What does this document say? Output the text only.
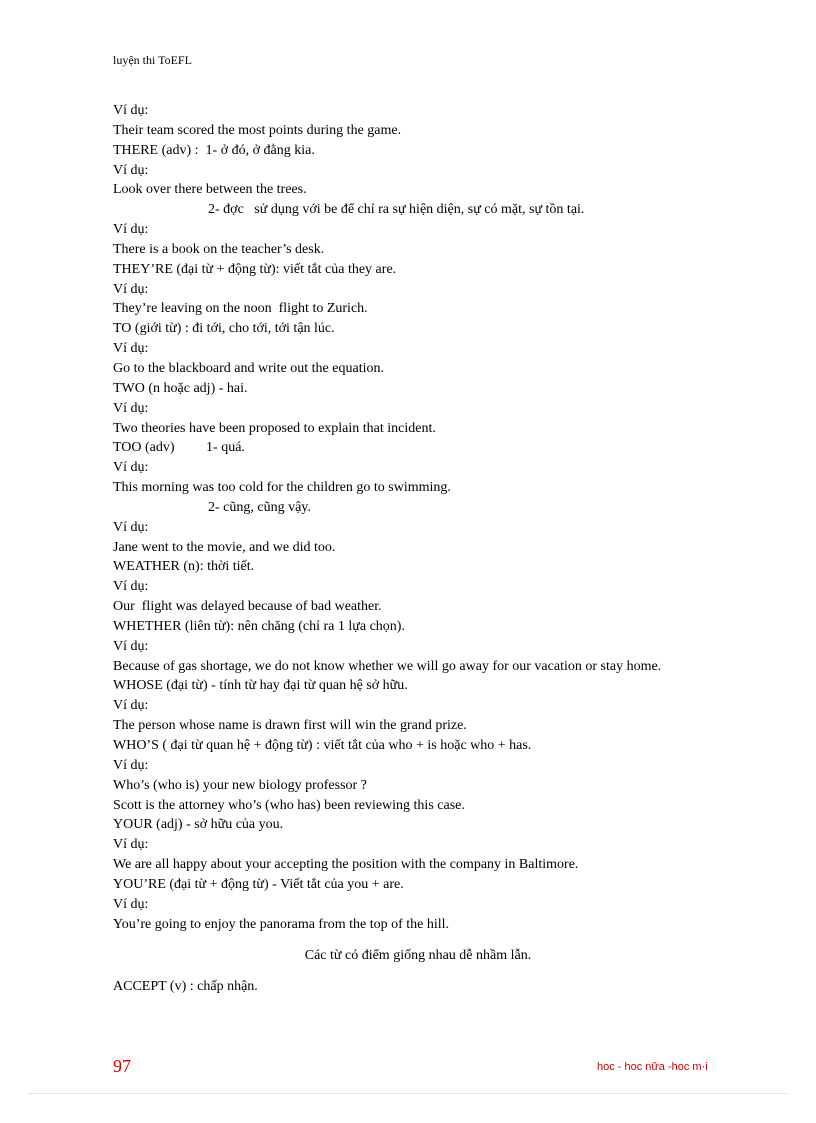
luyện thi ToEFL
Ví dụ:
Their team scored the most points during the game.
THERE (adv) :  1- ở đó, ở đằng kia.
Ví dụ:
Look over there between the trees.
2- đợc   sử dụng với be để chỉ ra sự hiện diện, sự có mặt, sự tồn tại.
Ví dụ:
There is a book on the teacher’s desk.
THEY’RE (đại từ + động từ): viết tắt của they are.
Ví dụ:
They’re leaving on the noon  flight to Zurich.
TO (giới từ) : đi tới, cho tới, tới tận lúc.
Ví dụ:
Go to the blackboard and write out the equation.
TWO (n hoặc adj) - hai.
Ví dụ:
Two theories have been proposed to explain that incident.
TOO (adv)         1- quá.
Ví dụ:
This morning was too cold for the children go to swimming.
2- cũng, cũng vậy.
Ví dụ:
Jane went to the movie, and we did too.
WEATHER (n): thời tiết.
Ví dụ:
Our  flight was delayed because of bad weather.
WHETHER (liên từ): nên chăng (chỉ ra 1 lựa chọn).
Ví dụ:
Because of gas shortage, we do not know whether we will go away for our vacation or stay home.
WHOSE (đại từ) - tính từ hay đại từ quan hệ sở hữu.
Ví dụ:
The person whose name is drawn first will win the grand prize.
WHO’S ( đại từ quan hệ + động từ) : viết tắt của who + is hoặc who + has.
Ví dụ:
Who’s (who is) your new biology professor ?
Scott is the attorney who’s (who has) been reviewing this case.
YOUR (adj) - sở hữu của you.
Ví dụ:
We are all happy about your accepting the position with the company in Baltimore.
YOU’RE (đại từ + động từ) - Viết tắt của you + are.
Ví dụ:
You’re going to enjoy the panorama from the top of the hill.
Các từ có điểm giống nhau dễ nhầm lẫn.
ACCEPT (v) : chấp nhận.
97	hoc - hoc nữa -hoc m·i
